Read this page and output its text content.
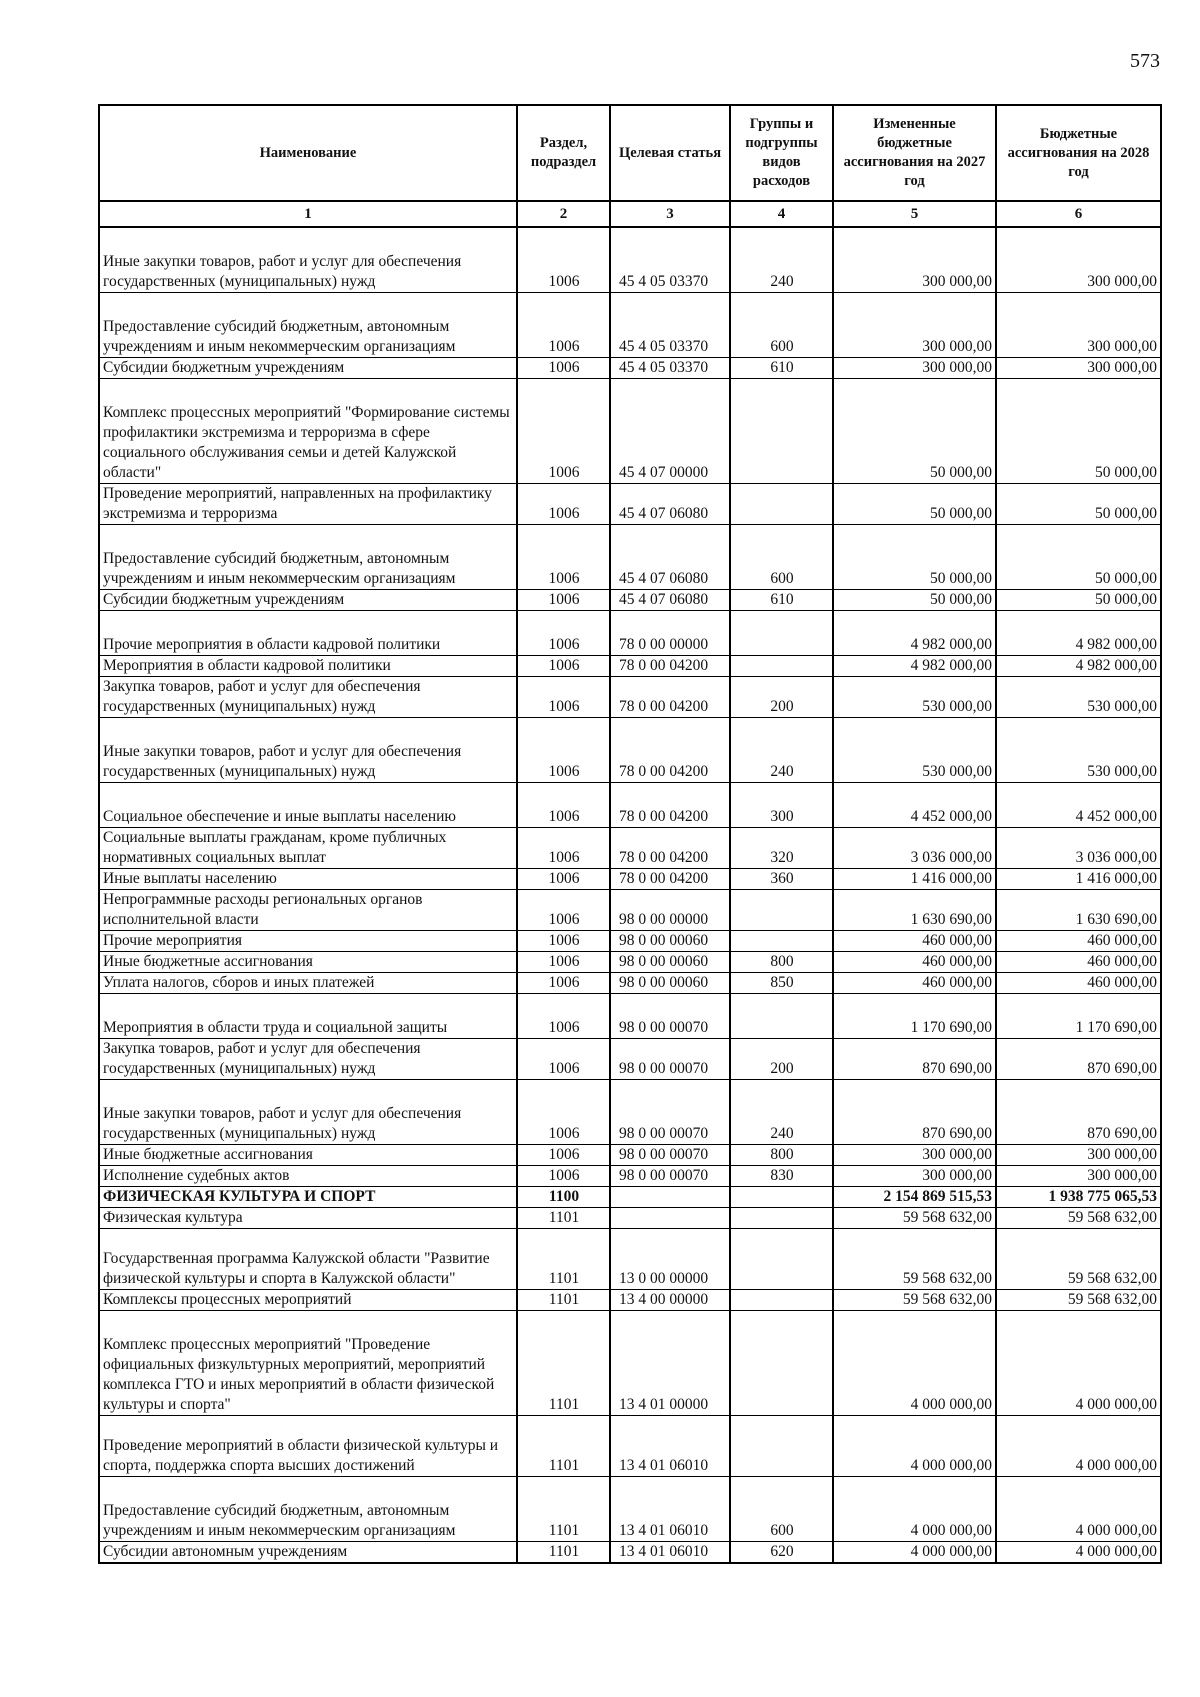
573
Наименование	Раздел, подраздел	Целевая статья	Группы и подгруппы видов расходов	Измененные бюджетные ассигнования на 2027 год	Бюджетные ассигнования на 2028 год
1	2	3	4	5	6

Иные закупки товаров, работ и услуг для обеспечения государственных (муниципальных) нужд	1006	45 4 05 03370	240	300 000,00	300 000,00

Предоставление субсидий бюджетным, автономным учреждениям и иным некоммерческим организациям	1006	45 4 05 03370	600	300 000,00	300 000,00
Субсидии бюджетным учреждениям	1006	45 4 05 03370	610	300 000,00	300 000,00

Комплекс процессных мероприятий "Формирование системы профилактики экстремизма и терроризма в сфере социального обслуживания семьи и детей Калужской области"	1006	45 4 07 00000		50 000,00	50 000,00
Проведение мероприятий, направленных на профилактику экстремизма и терроризма	1006	45 4 07 06080		50 000,00	50 000,00

Предоставление субсидий бюджетным, автономным учреждениям и иным некоммерческим организациям	1006	45 4 07 06080	600	50 000,00	50 000,00
Субсидии бюджетным учреждениям	1006	45 4 07 06080	610	50 000,00	50 000,00

Прочие мероприятия в области кадровой политики	1006	78 0 00 00000		4 982 000,00	4 982 000,00
Мероприятия в области кадровой политики	1006	78 0 00 04200		4 982 000,00	4 982 000,00
Закупка товаров, работ и услуг для обеспечения государственных (муниципальных) нужд	1006	78 0 00 04200	200	530 000,00	530 000,00

Иные закупки товаров, работ и услуг для обеспечения государственных (муниципальных) нужд	1006	78 0 00 04200	240	530 000,00	530 000,00

Социальное обеспечение и иные выплаты населению	1006	78 0 00 04200	300	4 452 000,00	4 452 000,00
Социальные выплаты гражданам, кроме публичных нормативных социальных выплат	1006	78 0 00 04200	320	3 036 000,00	3 036 000,00
Иные выплаты населению	1006	78 0 00 04200	360	1 416 000,00	1 416 000,00
Непрограммные расходы региональных органов исполнительной власти	1006	98 0 00 00000		1 630 690,00	1 630 690,00
Прочие мероприятия	1006	98 0 00 00060		460 000,00	460 000,00
Иные бюджетные ассигнования	1006	98 0 00 00060	800	460 000,00	460 000,00
Уплата налогов, сборов и иных платежей	1006	98 0 00 00060	850	460 000,00	460 000,00

Мероприятия в области труда и социальной защиты	1006	98 0 00 00070		1 170 690,00	1 170 690,00
Закупка товаров, работ и услуг для обеспечения государственных (муниципальных) нужд	1006	98 0 00 00070	200	870 690,00	870 690,00

Иные закупки товаров, работ и услуг для обеспечения государственных (муниципальных) нужд	1006	98 0 00 00070	240	870 690,00	870 690,00
Иные бюджетные ассигнования	1006	98 0 00 00070	800	300 000,00	300 000,00
Исполнение судебных актов	1006	98 0 00 00070	830	300 000,00	300 000,00
ФИЗИЧЕСКАЯ КУЛЬТУРА И СПОРТ	1100			2 154 869 515,53	1 938 775 065,53
Физическая культура	1101			59 568 632,00	59 568 632,00
Государственная программа Калужской области "Развитие физической культуры и спорта в Калужской области"	1101	13 0 00 00000		59 568 632,00	59 568 632,00
Комплексы процессных мероприятий	1101	13 4 00 00000		59 568 632,00	59 568 632,00

Комплекс процессных мероприятий "Проведение официальных физкультурных мероприятий, мероприятий комплекса ГТО и иных мероприятий в области физической культуры и спорта"	1101	13 4 01 00000		4 000 000,00	4 000 000,00
Проведение мероприятий в области физической культуры и спорта, поддержка спорта высших достижений	1101	13 4 01 06010		4 000 000,00	4 000 000,00

Предоставление субсидий бюджетным, автономным учреждениям и иным некоммерческим организациям	1101	13 4 01 06010	600	4 000 000,00	4 000 000,00
Субсидии автономным учреждениям	1101	13 4 01 06010	620	4 000 000,00	4 000 000,00
